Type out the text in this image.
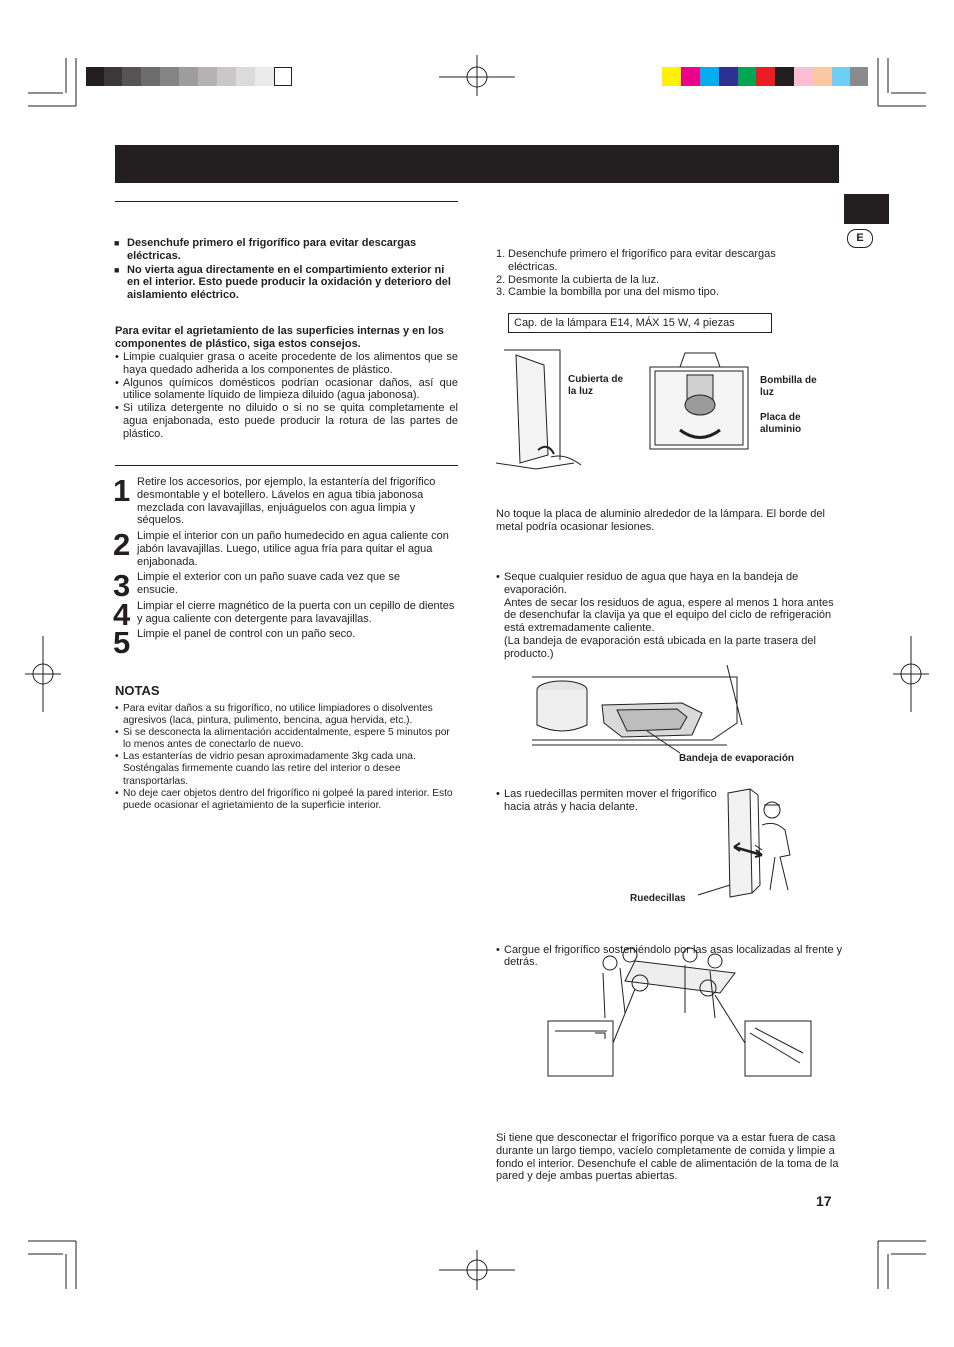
E

■ Desenchufe primero el frigorífico para evitar descargas eléctricas.

■ No vierta agua directamente en el compartimiento exterior ni en el interior. Esto puede producir la oxidación y deterioro del aislamiento eléctrico.

Para evitar el agrietamiento de las superficies internas y en los componentes de plástico, siga estos consejos.

• Limpie cualquier grasa o aceite procedente de los alimentos que se haya quedado adherida a los componentes de plástico.

• Algunos químicos domésticos podrían ocasionar daños, así que utilice solamente líquido de limpieza diluido (agua jabonosa).

• Si utiliza detergente no diluido o si no se quita completamente el agua enjabonada, esto puede producir la rotura de las partes de plástico.

1 Retire los accesorios, por ejemplo, la estantería del frigorífico desmontable y el botellero. Lávelos en agua tibia jabonosa mezclada con lavavajillas, enjuáguelos con agua limpia y séquelos.

2 Limpie el interior con un paño humedecido en agua caliente con jabón lavavajillas. Luego, utilice agua fría para quitar el agua enjabonada.

3 Limpie el exterior con un paño suave cada vez que se ensucie.

4 Limpiar el cierre magnético de la puerta con un cepillo de dientes y agua caliente con detergente para lavavajillas.

5 Limpie el panel de control con un paño seco.

NOTAS

• Para evitar daños a su frigorífico, no utilice limpiadores o disolventes agresivos (laca, pintura, pulimento, bencina, agua hervida, etc.).

• Si se desconecta la alimentación accidentalmente, espere 5 minutos por lo menos antes de conectarlo de nuevo.

• Las estanterías de vidrio pesan aproximadamente 3kg cada una. Sosténgalas firmemente cuando las retire del interior o desee transportarlas.

• No deje caer objetos dentro del frigorífico ni golpeé la pared interior. Esto puede ocasionar el agrietamiento de la superficie interior.

1. Desenchufe primero el frigorífico para evitar descargas eléctricas.
2. Desmonte la cubierta de la luz.
3. Cambie la bombilla por una del mismo tipo.
Cap. de la lámpara E14, MÁX 15 W, 4 piezas
Cubierta de la luz
Bombilla de luz
Placa de aluminio

No toque la placa de aluminio alrededor de la lámpara. El borde del metal podría ocasionar lesiones.

• Seque cualquier residuo de agua que haya en la bandeja de evaporación.

Antes de secar los residuos de agua, espere al menos 1 hora antes de desenchufar la clavija ya que el equipo del ciclo de refrigeración está extremadamente caliente.

(La bandeja de evaporación está ubicada en la parte trasera del producto.)

Bandeja de evaporación

• Las ruedecillas permiten mover el frigorífico hacia atrás y hacia delante.

Ruedecillas

• Cargue el frigorífico sosteniéndolo por las asas localizadas al frente y detrás.

Si tiene que desconectar el frigorífico porque va a estar fuera de casa durante un largo tiempo, vacíelo completamente de comida y limpie a fondo el interior. Desenchufe el cable de alimentación de la toma de la pared y deje ambas puertas abiertas.

17
